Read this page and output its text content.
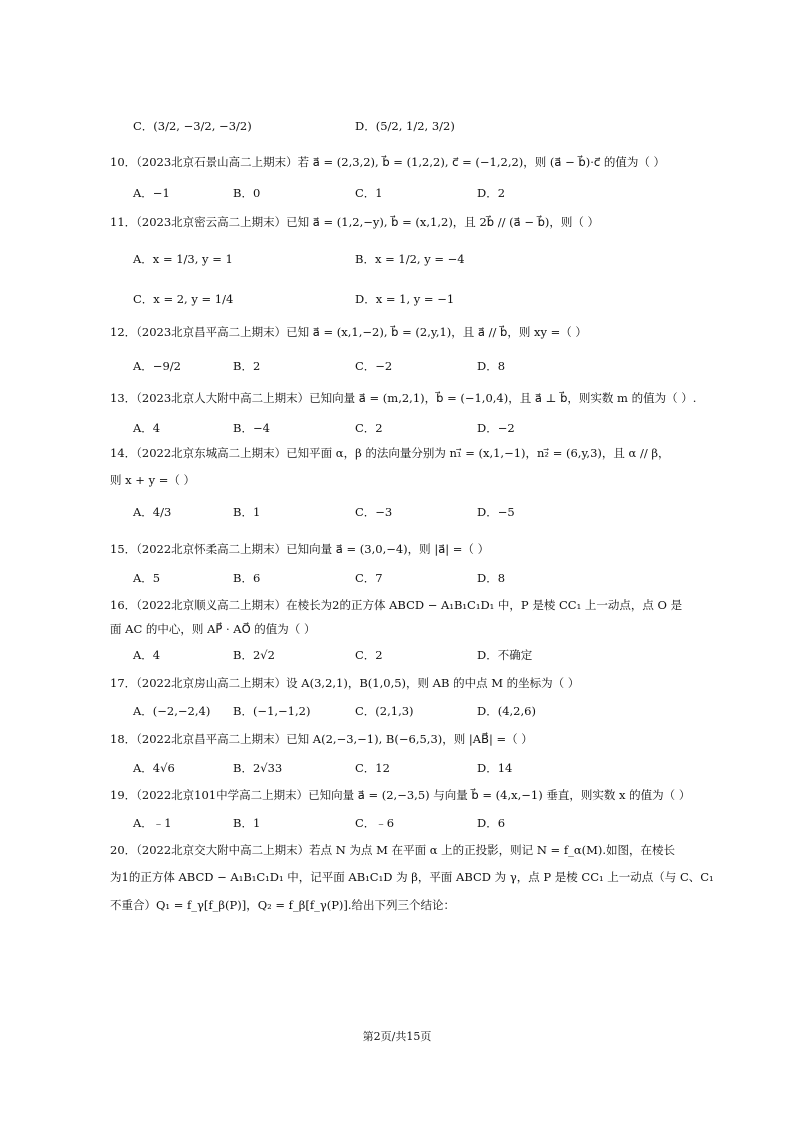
C．(3/2, −3/2, −3/2)	D．(5/2, 1/2, 3/2)
10．（2023北京石景山高二上期末）若 a⃗ = (2,3,2), b⃗ = (1,2,2), c⃗ = (−1,2,2)，则 (a⃗ − b⃗)·c⃗ 的值为（ ）
A．−1	B．0	C．1	D．2
11．（2023北京密云高二上期末）已知 a⃗ = (1,2,−y), b⃗ = (x,1,2)，且 2b⃗ // (a⃗ − b⃗)，则（ ）
A．x = 1/3, y = 1	B．x = 1/2, y = −4
C．x = 2, y = 1/4	D．x = 1, y = −1
12．（2023北京昌平高二上期末）已知 a⃗ = (x,1,−2), b⃗ = (2,y,1)，且 a⃗ // b⃗，则 xy =（ ）
A．−9/2	B．2	C．−2	D．8
13．（2023北京人大附中高二上期末）已知向量 a⃗ = (m,2,1)，b⃗ = (−1,0,4)，且 a⃗ ⊥ b⃗，则实数 m 的值为（ ）.
A．4	B．−4	C．2	D．−2
14．（2022北京东城高二上期末）已知平面 α，β 的法向量分别为 n₁⃗ = (x,1,−1)，n₂⃗ = (6,y,3)，且 α // β，
则 x + y =（ ）
A．4/3	B．1	C．−3	D．−5
15．（2022北京怀柔高二上期末）已知向量 a⃗ = (3,0,−4)，则 |a⃗| =（ ）
A．5	B．6	C．7	D．8
16．（2022北京顺义高二上期末）在棱长为2的正方体 ABCD − A₁B₁C₁D₁ 中，P 是棱 CC₁ 上一动点，点 O 是
面 AC 的中心，则 AP⃗ · AO⃗ 的值为（ ）
A．4	B．2√2	C．2	D．不确定
17．（2022北京房山高二上期末）设 A(3,2,1)，B(1,0,5)，则 AB 的中点 M 的坐标为（ ）
A．(−2,−2,4) B．(−1,−1,2)	C．(2,1,3)	D．(4,2,6)
18．（2022北京昌平高二上期末）已知 A(2,−3,−1), B(−6,5,3)，则 |AB⃗| =（ ）
A．4√6	B．2√33	C．12	D．14
19．（2022北京101中学高二上期末）已知向量 a⃗ = (2,−3,5) 与向量 b⃗ = (4,x,−1) 垂直，则实数 x 的值为（ ）
A．﹣1	B．1	C．﹣6	D．6
20．（2022北京交大附中高二上期末）若点 N 为点 M 在平面 α 上的正投影，则记 N = f_α(M).如图，在棱长
为1的正方体 ABCD − A₁B₁C₁D₁ 中，记平面 AB₁C₁D 为 β，平面 ABCD 为 γ，点 P 是棱 CC₁ 上一动点（与 C、C₁
不重合）Q₁ = f_γ[f_β(P)]，Q₂ = f_β[f_γ(P)].给出下列三个结论：
第2页/共15页
